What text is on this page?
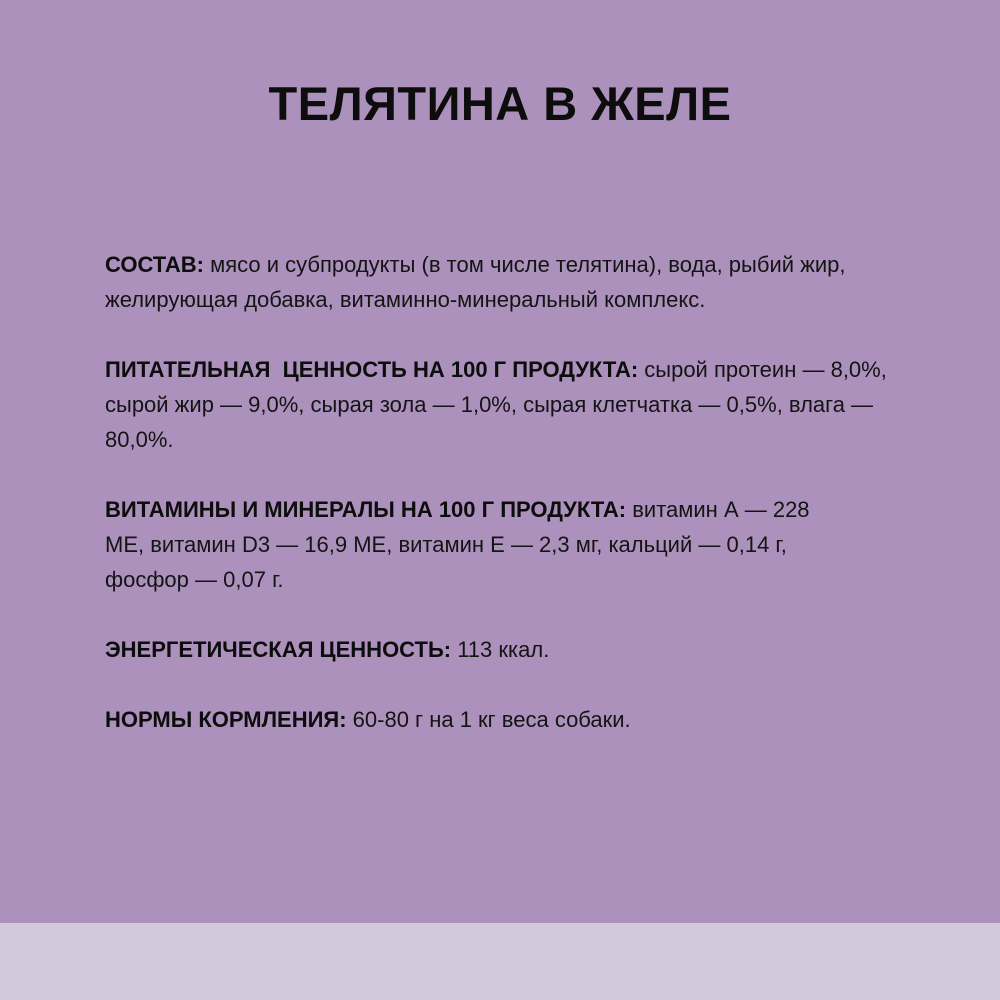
ТЕЛЯТИНА В ЖЕЛЕ

СОСТАВ: мясо и субпродукты (в том числе телятина), вода, рыбий жир, желирующая добавка, витаминно-минеральный комплекс.

ПИТАТЕЛЬНАЯ  ЦЕННОСТЬ НА 100 Г ПРОДУКТА: сырой протеин — 8,0%, сырой жир — 9,0%, сырая зола — 1,0%, сырая клетчатка — 0,5%, влага — 80,0%.

ВИТАМИНЫ И МИНЕРАЛЫ НА 100 Г ПРОДУКТА: витамин А — 228 МЕ, витамин D3 — 16,9 МЕ, витамин Е — 2,3 мг, кальций — 0,14 г, фосфор — 0,07 г.

ЭНЕРГЕТИЧЕСКАЯ ЦЕННОСТЬ: 113 ккал.

НОРМЫ КОРМЛЕНИЯ: 60-80 г на 1 кг веса собаки.
